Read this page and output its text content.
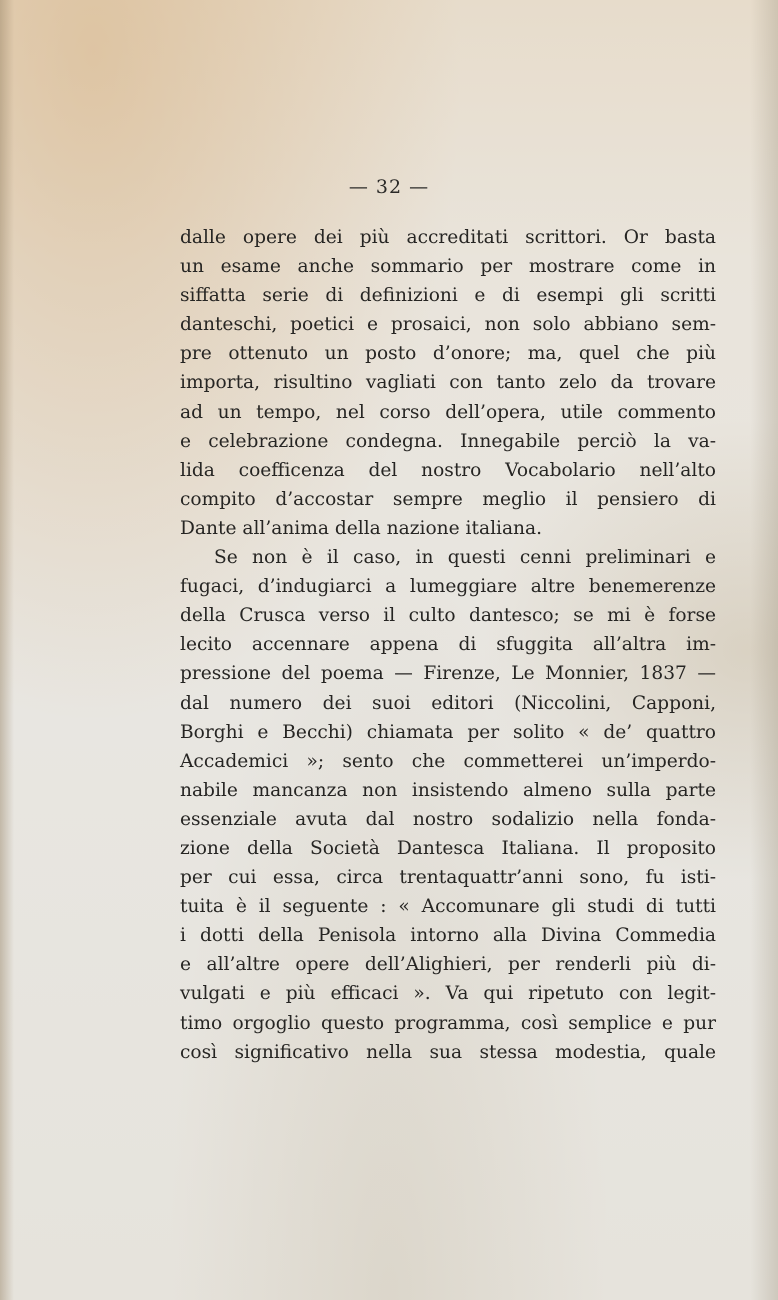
— 32 —
dalle opere dei più accreditati scrittori. Or basta
un esame anche sommario per mostrare come in
siffatta serie di definizioni e di esempi gli scritti
danteschi, poetici e prosaici, non solo abbiano sem-
pre ottenuto un posto d’onore; ma, quel che più
importa, risultino vagliati con tanto zelo da trovare
ad un tempo, nel corso dell’opera, utile commento
e celebrazione condegna. Innegabile perciò la va-
lida coefficenza del nostro Vocabolario nell’alto
compito d’accostar sempre meglio il pensiero di
Dante all’anima della nazione italiana.
Se non è il caso, in questi cenni preliminari e
fugaci, d’indugiarci a lumeggiare altre benemerenze
della Crusca verso il culto dantesco; se mi è forse
lecito accennare appena di sfuggita all’altra im-
pressione del poema — Firenze, Le Monnier, 1837 —
dal numero dei suoi editori (Niccolini, Capponi,
Borghi e Becchi) chiamata per solito « de’ quattro
Accademici »; sento che commetterei un’imperdo-
nabile mancanza non insistendo almeno sulla parte
essenziale avuta dal nostro sodalizio nella fonda-
zione della Società Dantesca Italiana. Il proposito
per cui essa, circa trentaquattr’anni sono, fu isti-
tuita è il seguente : « Accomunare gli studi di tutti
i dotti della Penisola intorno alla Divina Commedia
e all’altre opere dell’Alighieri, per renderli più di-
vulgati e più efficaci ». Va qui ripetuto con legit-
timo orgoglio questo programma, così semplice e pur
così significativo nella sua stessa modestia, quale
